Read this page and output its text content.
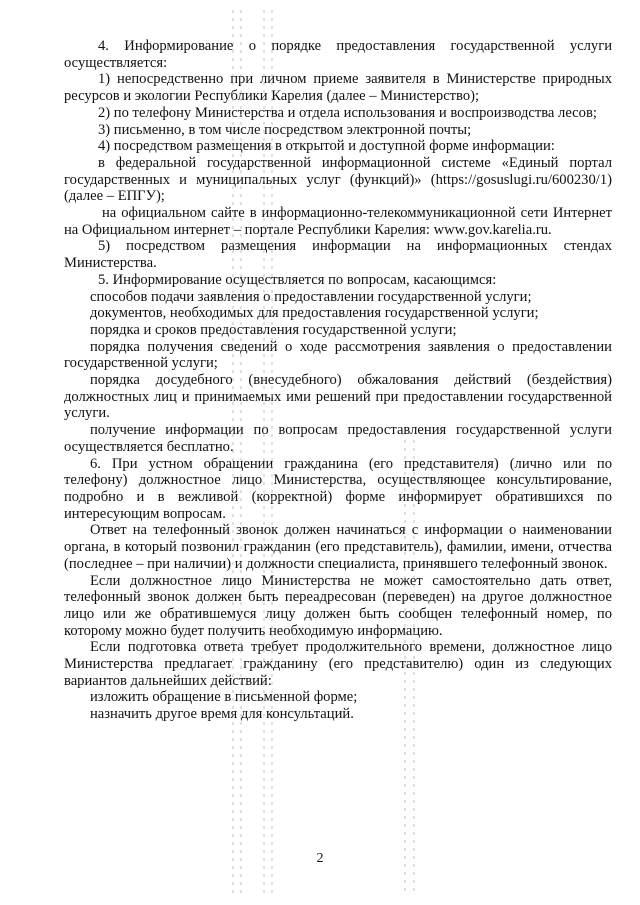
4. Информирование о порядке предоставления государственной услуги осуществляется:

1) непосредственно при личном приеме заявителя в Министерстве природных ресурсов и экологии Республики Карелия (далее – Министерство);

2) по телефону Министерства и отдела использования и воспроизводства лесов;

3) письменно, в том числе посредством электронной почты;

4) посредством размещения в открытой и доступной форме информации:

в федеральной государственной информационной системе «Единый портал государственных и муниципальных услуг (функций)» (https://gosuslugi.ru/600230/1) (далее – ЕПГУ);

на официальном сайте в информационно-телекоммуникационной сети Интернет на Официальном интернет – портале Республики Карелия: www.gov.karelia.ru.

5) посредством размещения информации на информационных стендах Министерства.

5. Информирование осуществляется по вопросам, касающимся:

способов подачи заявления о предоставлении государственной услуги;

документов, необходимых для предоставления государственной услуги;

порядка и сроков предоставления государственной услуги;

порядка получения сведений о ходе рассмотрения заявления о предоставлении государственной услуги;

порядка досудебного (внесудебного) обжалования действий (бездействия) должностных лиц и принимаемых ими решений при предоставлении государственной услуги.

получение информации по вопросам предоставления государственной услуги осуществляется бесплатно.

6. При устном обращении гражданина (его представителя) (лично или по телефону) должностное лицо Министерства, осуществляющее консультирование, подробно и в вежливой (корректной) форме информирует обратившихся по интересующим вопросам.

Ответ на телефонный звонок должен начинаться с информации о наименовании органа, в который позвонил гражданин (его представитель), фамилии, имени, отчества (последнее – при наличии) и должности специалиста, принявшего телефонный звонок.

Если должностное лицо Министерства не может самостоятельно дать ответ, телефонный звонок должен быть переадресован (переведен) на другое должностное лицо или же обратившемуся лицу должен быть сообщен телефонный номер, по которому можно будет получить необходимую информацию.

Если подготовка ответа требует продолжительного времени, должностное лицо Министерства предлагает гражданину (его представителю) один из следующих вариантов дальнейших действий:

изложить обращение в письменной форме;

назначить другое время для консультаций.

2
